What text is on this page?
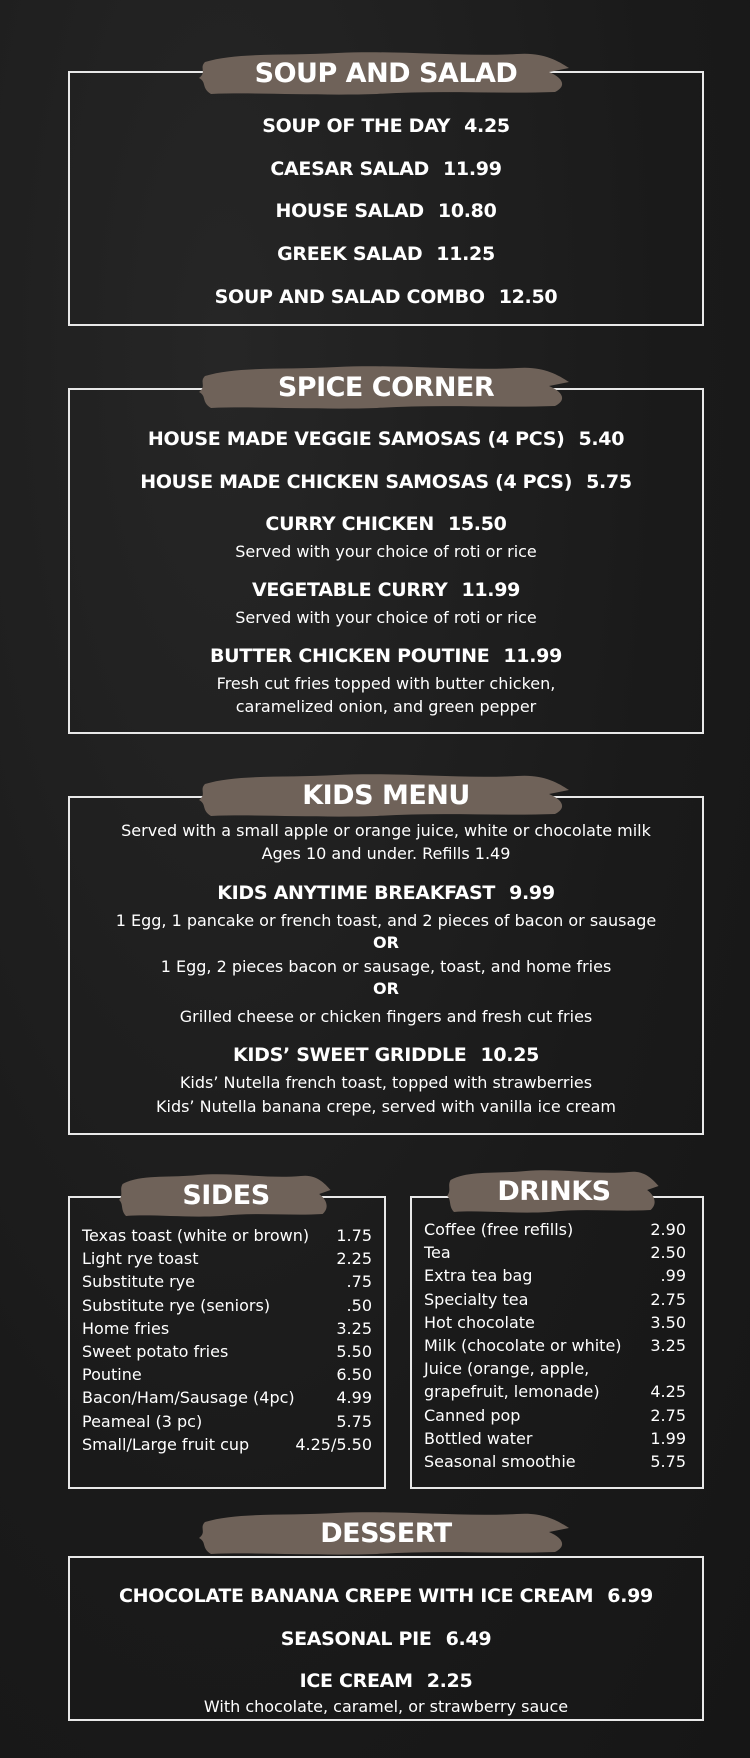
SOUP OF THE DAY 4.25
CAESAR SALAD 11.99
HOUSE SALAD 10.80
GREEK SALAD 11.25
SOUP AND SALAD COMBO 12.50
SOUP AND SALAD
HOUSE MADE VEGGIE SAMOSAS (4 PCS) 5.40
HOUSE MADE CHICKEN SAMOSAS (4 PCS) 5.75
CURRY CHICKEN 15.50
Served with your choice of roti or rice
VEGETABLE CURRY 11.99
Served with your choice of roti or rice
BUTTER CHICKEN POUTINE 11.99
Fresh cut fries topped with butter chicken,
caramelized onion, and green pepper
SPICE CORNER
Served with a small apple or orange juice, white or chocolate milk
Ages 10 and under. Refills 1.49
KIDS ANYTIME BREAKFAST 9.99
1 Egg, 1 pancake or french toast, and 2 pieces of bacon or sausage
OR
1 Egg, 2 pieces bacon or sausage, toast, and home fries
OR
Grilled cheese or chicken fingers and fresh cut fries
KIDS’ SWEET GRIDDLE 10.25
Kids’ Nutella french toast, topped with strawberries
Kids’ Nutella banana crepe, served with vanilla ice cream
KIDS MENU
Texas toast (white or brown) 1.75
Light rye toast	2.25
Substitute rye	.75
Substitute rye (seniors)	.50
Home fries	3.25
Sweet potato fries	5.50
Poutine	6.50
Bacon/Ham/Sausage (4pc)	4.99
Peameal (3 pc)	5.75
Small/Large fruit cup	4.25/5.50
SIDES
Coffee (free refills)	2.90
Tea	2.50
Extra tea bag	.99
Specialty tea	2.75
Hot chocolate	3.50
Milk (chocolate or white) 3.25
Juice (orange, apple,
grapefruit, lemonade)	4.25
Canned pop	2.75
Bottled water	1.99
Seasonal smoothie	5.75
DRINKS
CHOCOLATE BANANA CREPE WITH ICE CREAM 6.99
SEASONAL PIE 6.49
ICE CREAM 2.25
With chocolate, caramel, or strawberry sauce
DESSERT
